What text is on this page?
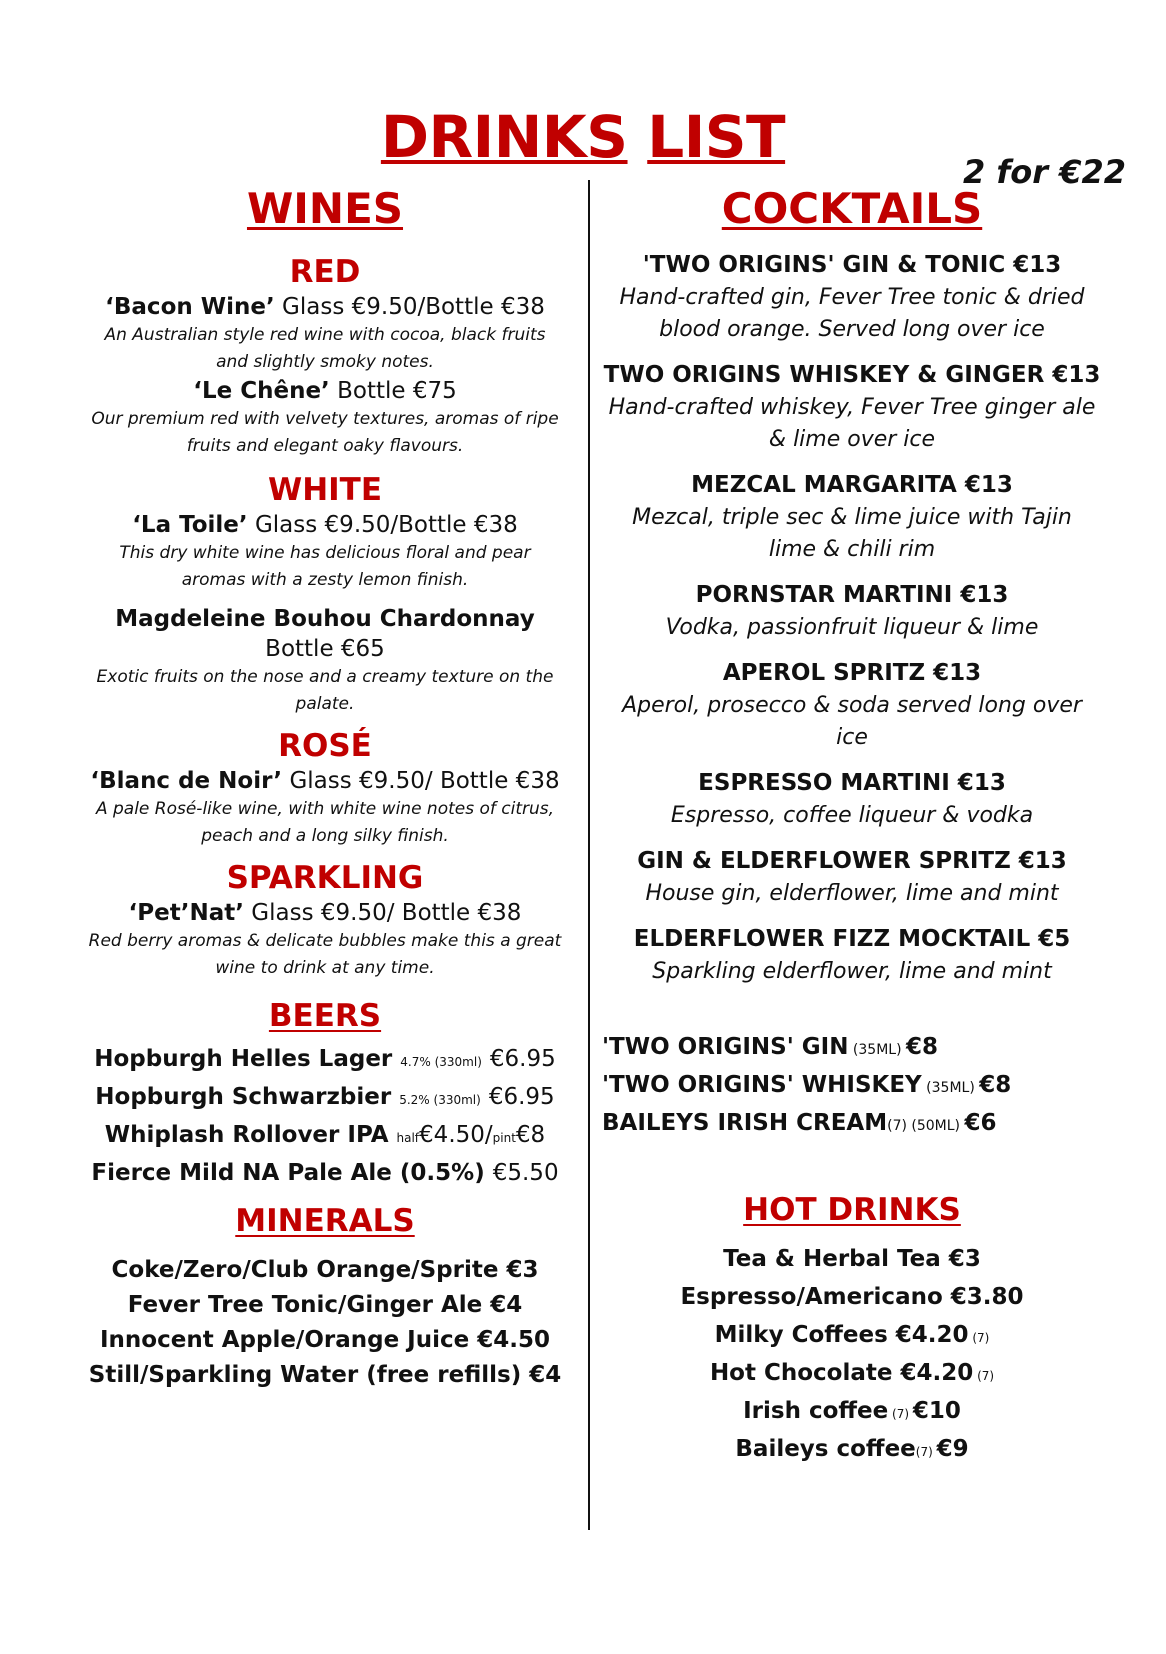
DRINKS LIST
2 for €22
WINES
RED

‘Bacon Wine’ Glass €9.50/Bottle €38

An Australian style red wine with cocoa, black fruits
and slightly smoky notes.

‘Le Chêne’ Bottle €75

Our premium red with velvety textures, aromas of ripe
fruits and elegant oaky flavours.

WHITE

‘La Toile’ Glass €9.50/Bottle €38

This dry white wine has delicious floral and pear
aromas with a zesty lemon finish.

Magdeleine Bouhou Chardonnay
Bottle €65

Exotic fruits on the nose and a creamy texture on the
palate.

ROSÉ

‘Blanc de Noir’ Glass €9.50/ Bottle €38

A pale Rosé-like wine, with white wine notes of citrus,
peach and a long silky finish.

SPARKLING

‘Pet’Nat’ Glass €9.50/ Bottle €38

Red berry aromas & delicate bubbles make this a great
wine to drink at any time.

BEERS

Hopburgh Helles Lager 4.7% (330ml) €6.95

Hopburgh Schwarzbier 5.2% (330ml) €6.95

Whiplash Rollover IPA half€4.50/pint€8

Fierce Mild NA Pale Ale (0.5%) €5.50

MINERALS

Coke/Zero/Club Orange/Sprite €3

Fever Tree Tonic/Ginger Ale €4

Innocent Apple/Orange Juice €4.50

Still/Sparkling Water (free refills) €4

COCKTAILS

'TWO ORIGINS' GIN & TONIC €13

Hand-crafted gin, Fever Tree tonic & dried
blood orange. Served long over ice

TWO ORIGINS WHISKEY & GINGER €13

Hand-crafted whiskey, Fever Tree ginger ale
& lime over ice

MEZCAL MARGARITA €13

Mezcal, triple sec & lime juice with Tajin
lime & chili rim

PORNSTAR MARTINI €13

Vodka, passionfruit liqueur & lime

APEROL SPRITZ €13

Aperol, prosecco & soda served long over
ice

ESPRESSO MARTINI €13

Espresso, coffee liqueur & vodka

GIN & ELDERFLOWER SPRITZ €13

House gin, elderflower, lime and mint

ELDERFLOWER FIZZ MOCKTAIL €5

Sparkling elderflower, lime and mint

'TWO ORIGINS' GIN (35ML) €8

'TWO ORIGINS' WHISKEY (35ML) €8

BAILEYS IRISH CREAM(7) (50ML) €6

HOT DRINKS

Tea & Herbal Tea €3

Espresso/Americano €3.80

Milky Coffees €4.20 (7)

Hot Chocolate €4.20 (7)

Irish coffee (7) €10

Baileys coffee(7) €9
